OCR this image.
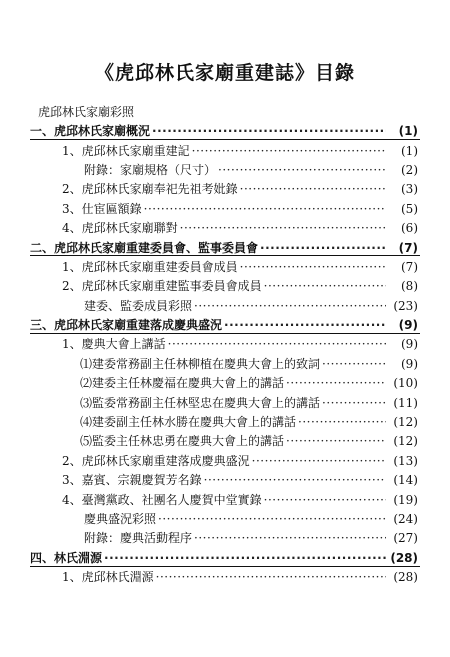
《虎邱林氏家廟重建誌》目錄
虎邱林氏家廟彩照
一、虎邱林氏家廟概況 ·····	(1)
1、虎邱林氏家廟重建記 ·····	(1)
附錄：家廟規格（尺寸） ·····	(2)
2、虎邱林氏家廟奉祀先祖考妣錄 ·····	(3)
3、仕宦匾額錄 ·····	(5)
4、虎邱林氏家廟聯對 ·····	(6)
二、虎邱林氏家廟重建委員會、監事委員會 ·····	(7)
1、虎邱林氏家廟重建委員會成員 ·····	(7)
2、虎邱林氏家廟重建監事委員會成員 ·····	(8)
建委、監委成員彩照 ·····	(23)
三、虎邱林氏家廟重建落成慶典盛況 ·····	(9)
1、慶典大會上講話 ·····	(9)
⑴建委常務副主任林柳植在慶典大會上的致詞 ·····	(9)
⑵建委主任林慶福在慶典大會上的講話 ·····	(10)
⑶監委常務副主任林堅忠在慶典大會上的講話 ·····	(11)
⑷建委副主任林水勝在慶典大會上的講話 ·····	(12)
⑸監委主任林忠勇在慶典大會上的講話 ·····	(12)
2、虎邱林氏家廟重建落成慶典盛況 ·····	(13)
3、嘉賓、宗親慶賀芳名錄 ·····	(14)
4、臺灣黨政、社團名人慶賀中堂實錄 ·····	(19)
慶典盛況彩照 ·····	(24)
附錄：慶典活動程序 ·····	(27)
四、林氏淵源 ·····	(28)
1、虎邱林氏淵源 ·····	(28)
